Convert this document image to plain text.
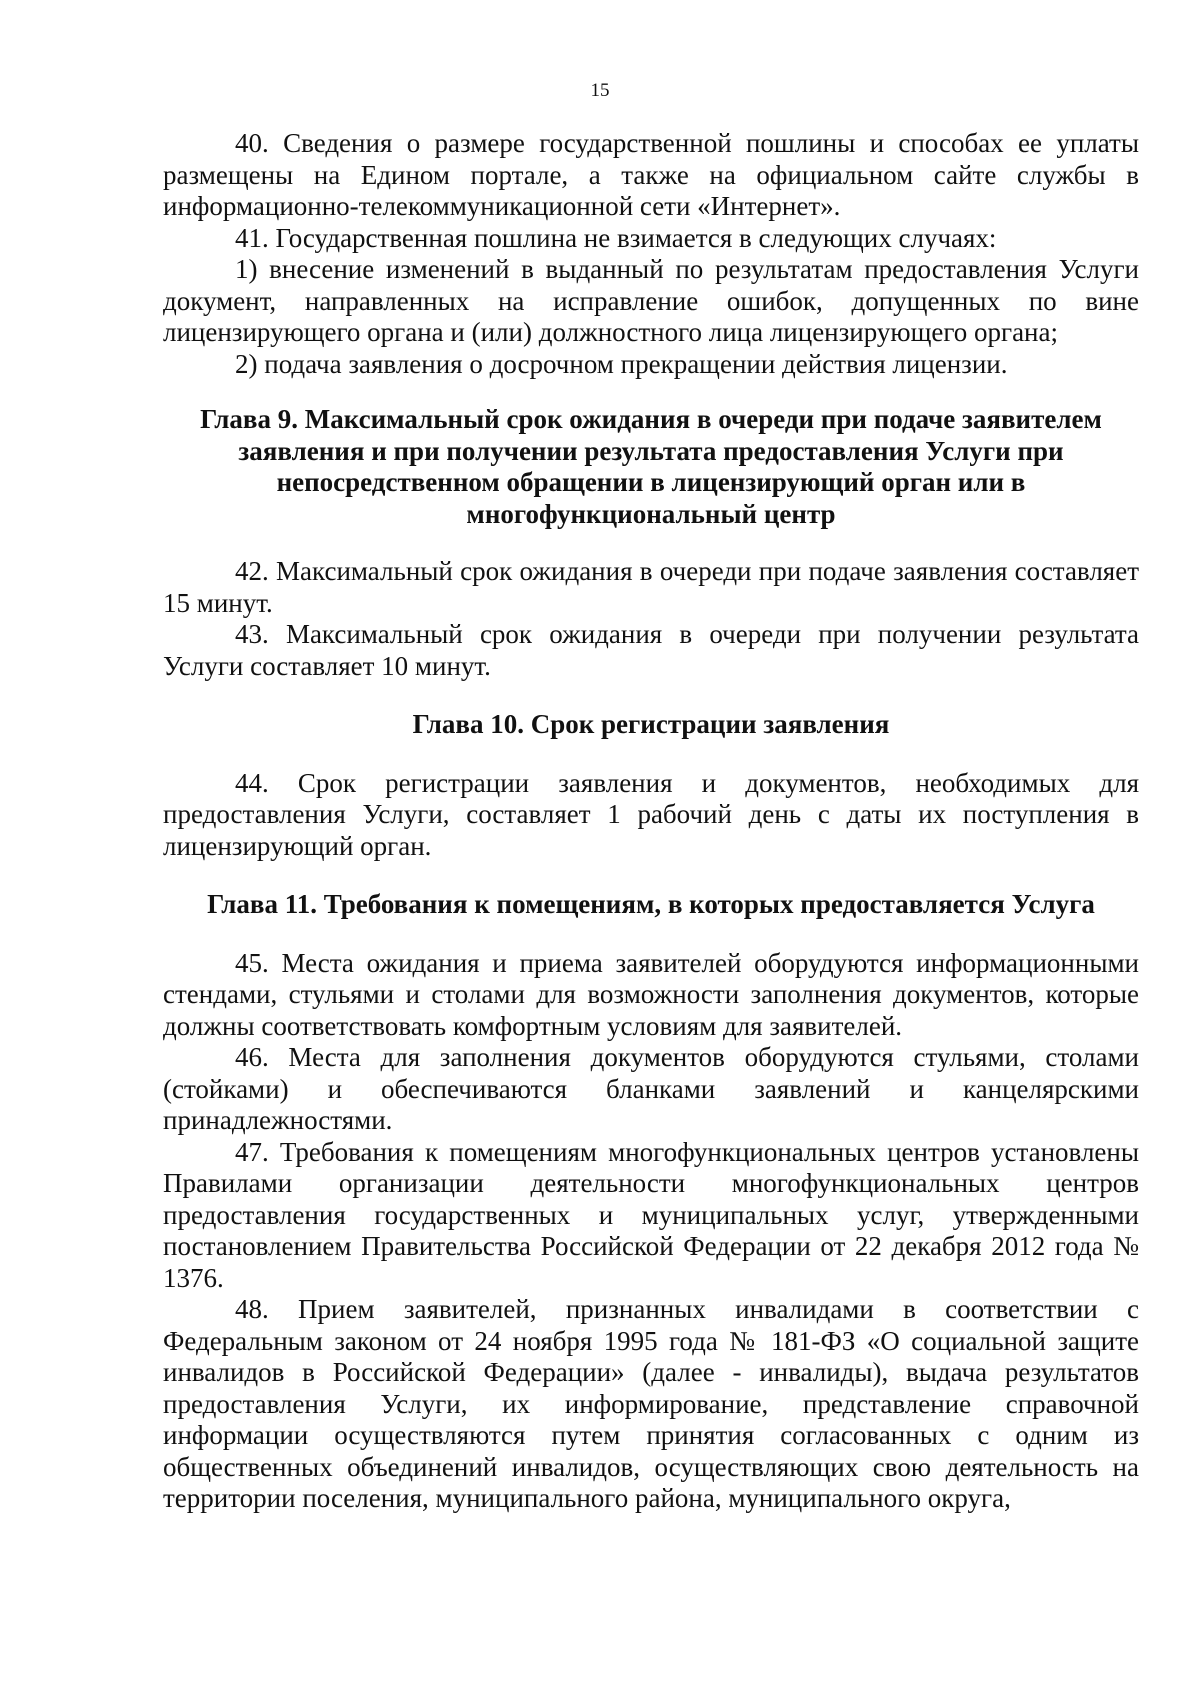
15

40. Сведения о размере государственной пошлины и способах ее уплаты размещены на Едином портале, а также на официальном сайте службы в информационно-телекоммуникационной сети «Интернет».

41. Государственная пошлина не взимается в следующих случаях:

1) внесение изменений в выданный по результатам предоставления Услуги документ, направленных на исправление ошибок, допущенных по вине лицензирующего органа и (или) должностного лица лицензирующего органа;

2) подача заявления о досрочном прекращении действия лицензии.

Глава 9. Максимальный срок ожидания в очереди при подаче заявителем заявления и при получении результата предоставления Услуги при непосредственном обращении в лицензирующий орган или в многофункциональный центр

42. Максимальный срок ожидания в очереди при подаче заявления составляет 15 минут.

43. Максимальный срок ожидания в очереди при получении результата Услуги составляет 10 минут.

Глава 10. Срок регистрации заявления

44. Срок регистрации заявления и документов, необходимых для предоставления Услуги, составляет 1 рабочий день с даты их поступления в лицензирующий орган.

Глава 11. Требования к помещениям, в которых предоставляется Услуга

45. Места ожидания и приема заявителей оборудуются информационными стендами, стульями и столами для возможности заполнения документов, которые должны соответствовать комфортным условиям для заявителей.

46. Места для заполнения документов оборудуются стульями, столами (стойками) и обеспечиваются бланками заявлений и канцелярскими принадлежностями.

47. Требования к помещениям многофункциональных центров установлены Правилами организации деятельности многофункциональных центров предоставления государственных и муниципальных услуг, утвержденными постановлением Правительства Российской Федерации от 22 декабря 2012 года № 1376.

48. Прием заявителей, признанных инвалидами в соответствии с Федеральным законом от 24 ноября 1995 года № 181-ФЗ «О социальной защите инвалидов в Российской Федерации» (далее - инвалиды), выдача результатов предоставления Услуги, их информирование, представление справочной информации осуществляются путем принятия согласованных с одним из общественных объединений инвалидов, осуществляющих свою деятельность на территории поселения, муниципального района, муниципального округа,
